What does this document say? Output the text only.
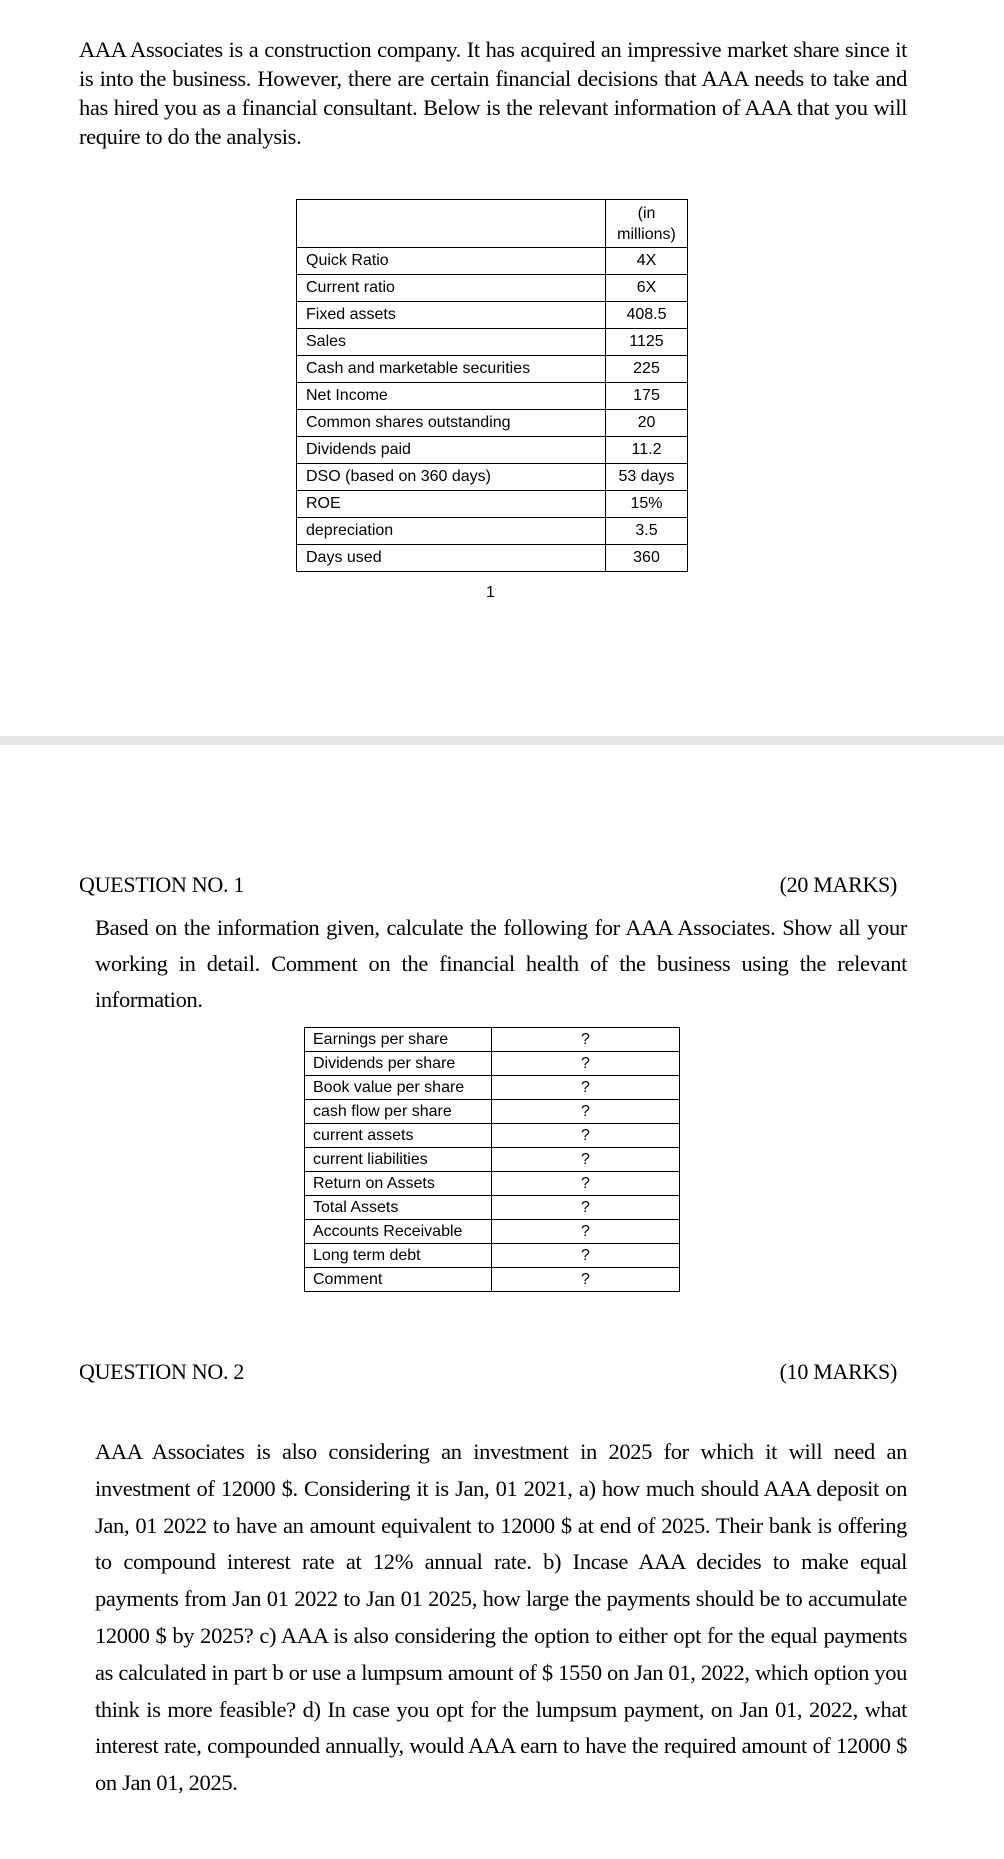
AAA Associates is a construction company. It has acquired an impressive market share since it is into the business. However, there are certain financial decisions that AAA needs to take and has hired you as a financial consultant. Below is the relevant information of AAA that you will require to do the analysis.

	(in millions)
Quick Ratio	4X
Current ratio	6X
Fixed assets	408.5
Sales	1125
Cash and marketable securities	225
Net Income	175
Common shares outstanding	20
Dividends paid	11.2
DSO (based on 360 days)	53 days
ROE	15%
depreciation	3.5
Days used	360
1
QUESTION NO. 1	(20 MARKS)

Based on the information given, calculate the following for AAA Associates. Show all your working in detail. Comment on the financial health of the business using the relevant information.

Earnings per share	?
Dividends per share	?
Book value per share	?
cash flow per share	?
current assets	?
current liabilities	?
Return on Assets	?
Total Assets	?
Accounts Receivable	?
Long term debt	?
Comment	?
QUESTION NO. 2	(10 MARKS)

AAA Associates is also considering an investment in 2025 for which it will need an investment of 12000 $. Considering it is Jan, 01 2021, a) how much should AAA deposit on Jan, 01 2022 to have an amount equivalent to 12000 $ at end of 2025. Their bank is offering to compound interest rate at 12% annual rate. b) Incase AAA decides to make equal payments from Jan 01 2022 to Jan 01 2025, how large the payments should be to accumulate 12000 $ by 2025? c) AAA is also considering the option to either opt for the equal payments as calculated in part b or use a lumpsum amount of $ 1550 on Jan 01, 2022, which option you think is more feasible? d) In case you opt for the lumpsum payment, on Jan 01, 2022, what interest rate, compounded annually, would AAA earn to have the required amount of 12000 $ on Jan 01, 2025.
